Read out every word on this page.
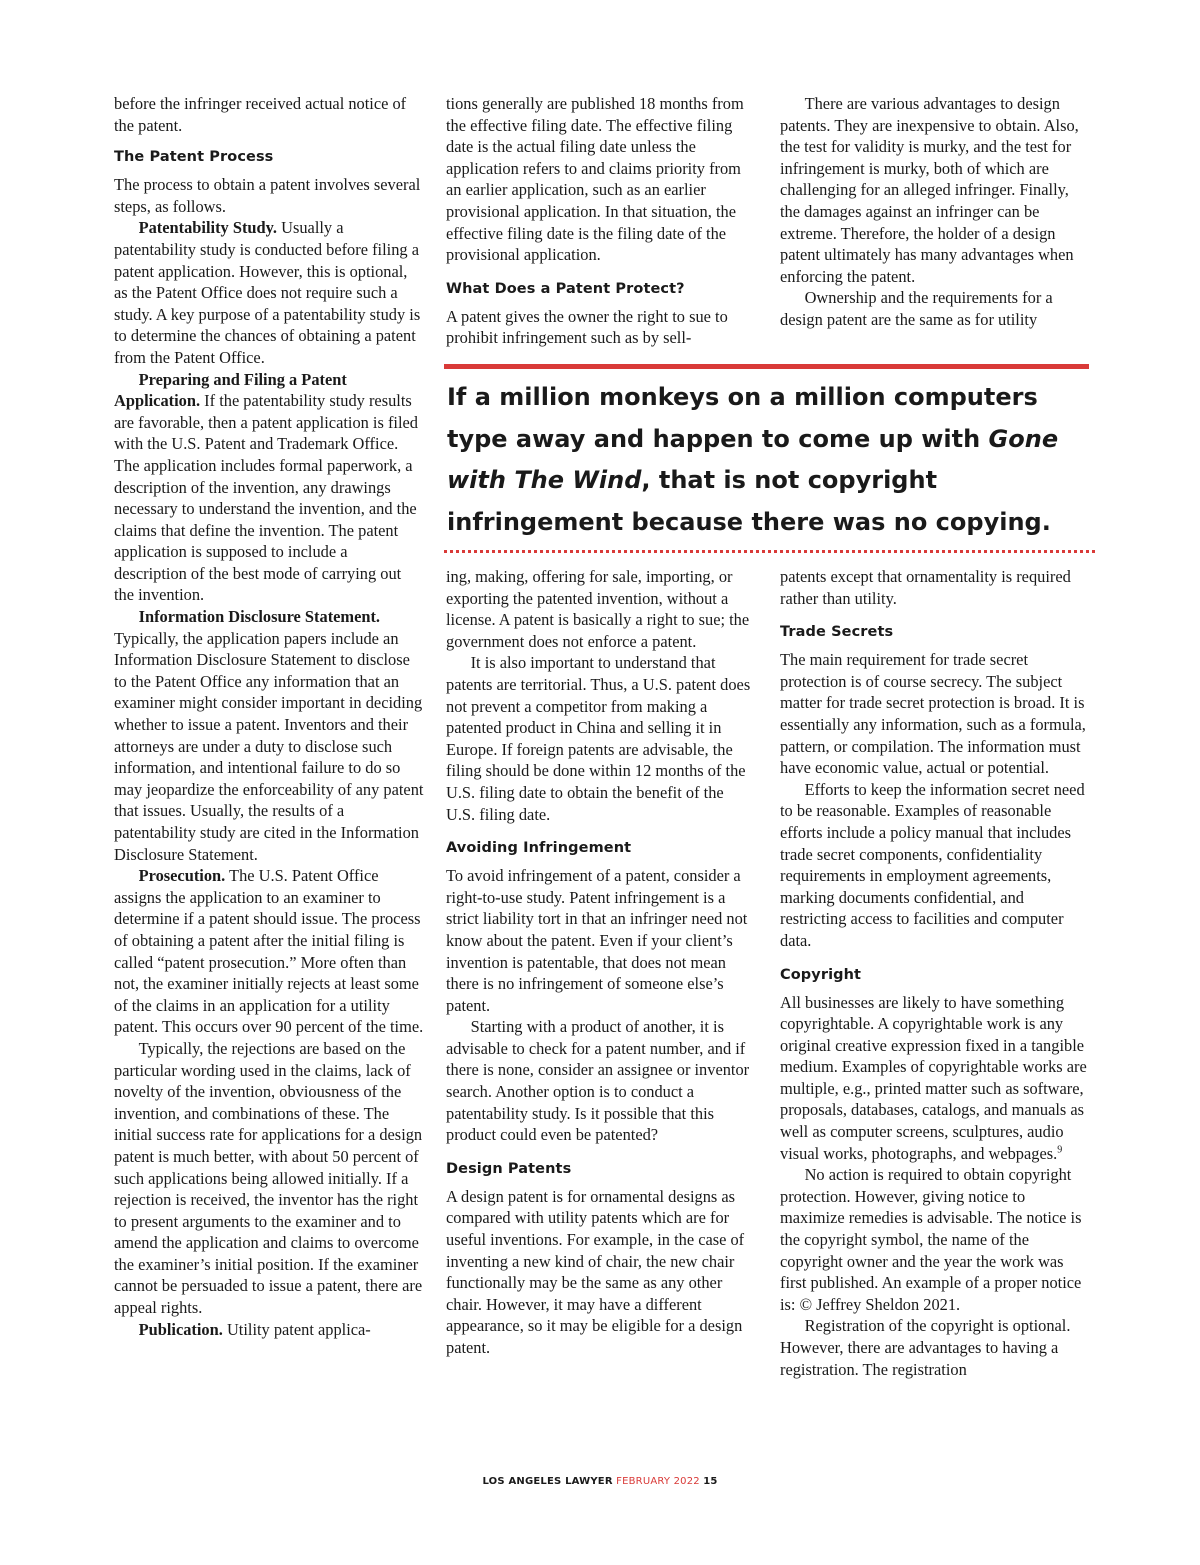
before the infringer received actual notice of the patent.

The Patent Process

The process to obtain a patent involves several steps, as follows.

Patentability Study. Usually a patentability study is conducted before filing a patent application. However, this is optional, as the Patent Office does not require such a study. A key purpose of a patentability study is to determine the chances of obtaining a patent from the Patent Office.

Preparing and Filing a Patent Application. If the patentability study results are favorable, then a patent application is filed with the U.S. Patent and Trademark Office. The application includes formal paperwork, a description of the invention, any drawings necessary to understand the invention, and the claims that define the invention. The patent application is supposed to include a description of the best mode of carrying out the invention.

Information Disclosure Statement. Typically, the application papers include an Information Disclosure Statement to disclose to the Patent Office any information that an examiner might consider important in deciding whether to issue a patent. Inventors and their attorneys are under a duty to disclose such information, and intentional failure to do so may jeopardize the enforceability of any patent that issues. Usually, the results of a patentability study are cited in the Information Disclosure Statement.

Prosecution. The U.S. Patent Office assigns the application to an examiner to determine if a patent should issue. The process of obtaining a patent after the initial filing is called “patent prosecution.” More often than not, the examiner initially rejects at least some of the claims in an application for a utility patent. This occurs over 90 percent of the time.

Typically, the rejections are based on the particular wording used in the claims, lack of novelty of the invention, obviousness of the invention, and combinations of these. The initial success rate for applications for a design patent is much better, with about 50 percent of such applications being allowed initially. If a rejection is received, the inventor has the right to present arguments to the examiner and to amend the application and claims to overcome the examiner’s initial position. If the examiner cannot be persuaded to issue a patent, there are appeal rights.

Publication. Utility patent applica-

tions generally are published 18 months from the effective filing date. The effective filing date is the actual filing date unless the application refers to and claims priority from an earlier application, such as an earlier provisional application. In that situation, the effective filing date is the filing date of the provisional application.

What Does a Patent Protect?

A patent gives the owner the right to sue to prohibit infringement such as by sell-

There are various advantages to design patents. They are inexpensive to obtain. Also, the test for validity is murky, and the test for infringement is murky, both of which are challenging for an alleged infringer. Finally, the damages against an infringer can be extreme. Therefore, the holder of a design patent ultimately has many advantages when enforcing the patent.

Ownership and the requirements for a design patent are the same as for utility

If a million monkeys on a million computers type away and happen to come up with Gone with The Wind, that is not copyright infringement because there was no copying.

ing, making, offering for sale, importing, or exporting the patented invention, without a license. A patent is basically a right to sue; the government does not enforce a patent.

It is also important to understand that patents are territorial. Thus, a U.S. patent does not prevent a competitor from making a patented product in China and selling it in Europe. If foreign patents are advisable, the filing should be done within 12 months of the U.S. filing date to obtain the benefit of the U.S. filing date.

Avoiding Infringement

To avoid infringement of a patent, consider a right-to-use study. Patent infringement is a strict liability tort in that an infringer need not know about the patent. Even if your client’s invention is patentable, that does not mean there is no infringement of someone else’s patent.

Starting with a product of another, it is advisable to check for a patent number, and if there is none, consider an assignee or inventor search. Another option is to conduct a patentability study. Is it possible that this product could even be patented?

Design Patents

A design patent is for ornamental designs as compared with utility patents which are for useful inventions. For example, in the case of inventing a new kind of chair, the new chair functionally may be the same as any other chair. However, it may have a different appearance, so it may be eligible for a design patent.

patents except that ornamentality is required rather than utility.

Trade Secrets

The main requirement for trade secret protection is of course secrecy. The subject matter for trade secret protection is broad. It is essentially any information, such as a formula, pattern, or compilation. The information must have economic value, actual or potential.

Efforts to keep the information secret need to be reasonable. Examples of reasonable efforts include a policy manual that includes trade secret components, confidentiality requirements in employment agreements, marking documents confidential, and restricting access to facilities and computer data.

Copyright

All businesses are likely to have something copyrightable. A copyrightable work is any original creative expression fixed in a tangible medium. Examples of copyrightable works are multiple, e.g., printed matter such as software, proposals, databases, catalogs, and manuals as well as computer screens, sculptures, audio visual works, photographs, and webpages.$^9$

No action is required to obtain copyright protection. However, giving notice to maximize remedies is advisable. The notice is the copyright symbol, the name of the copyright owner and the year the work was first published. An example of a proper notice is: © Jeffrey Sheldon 2021.

Registration of the copyright is optional. However, there are advantages to having a registration. The registration

LOS ANGELES LAWYER FEBRUARY 2022 15
